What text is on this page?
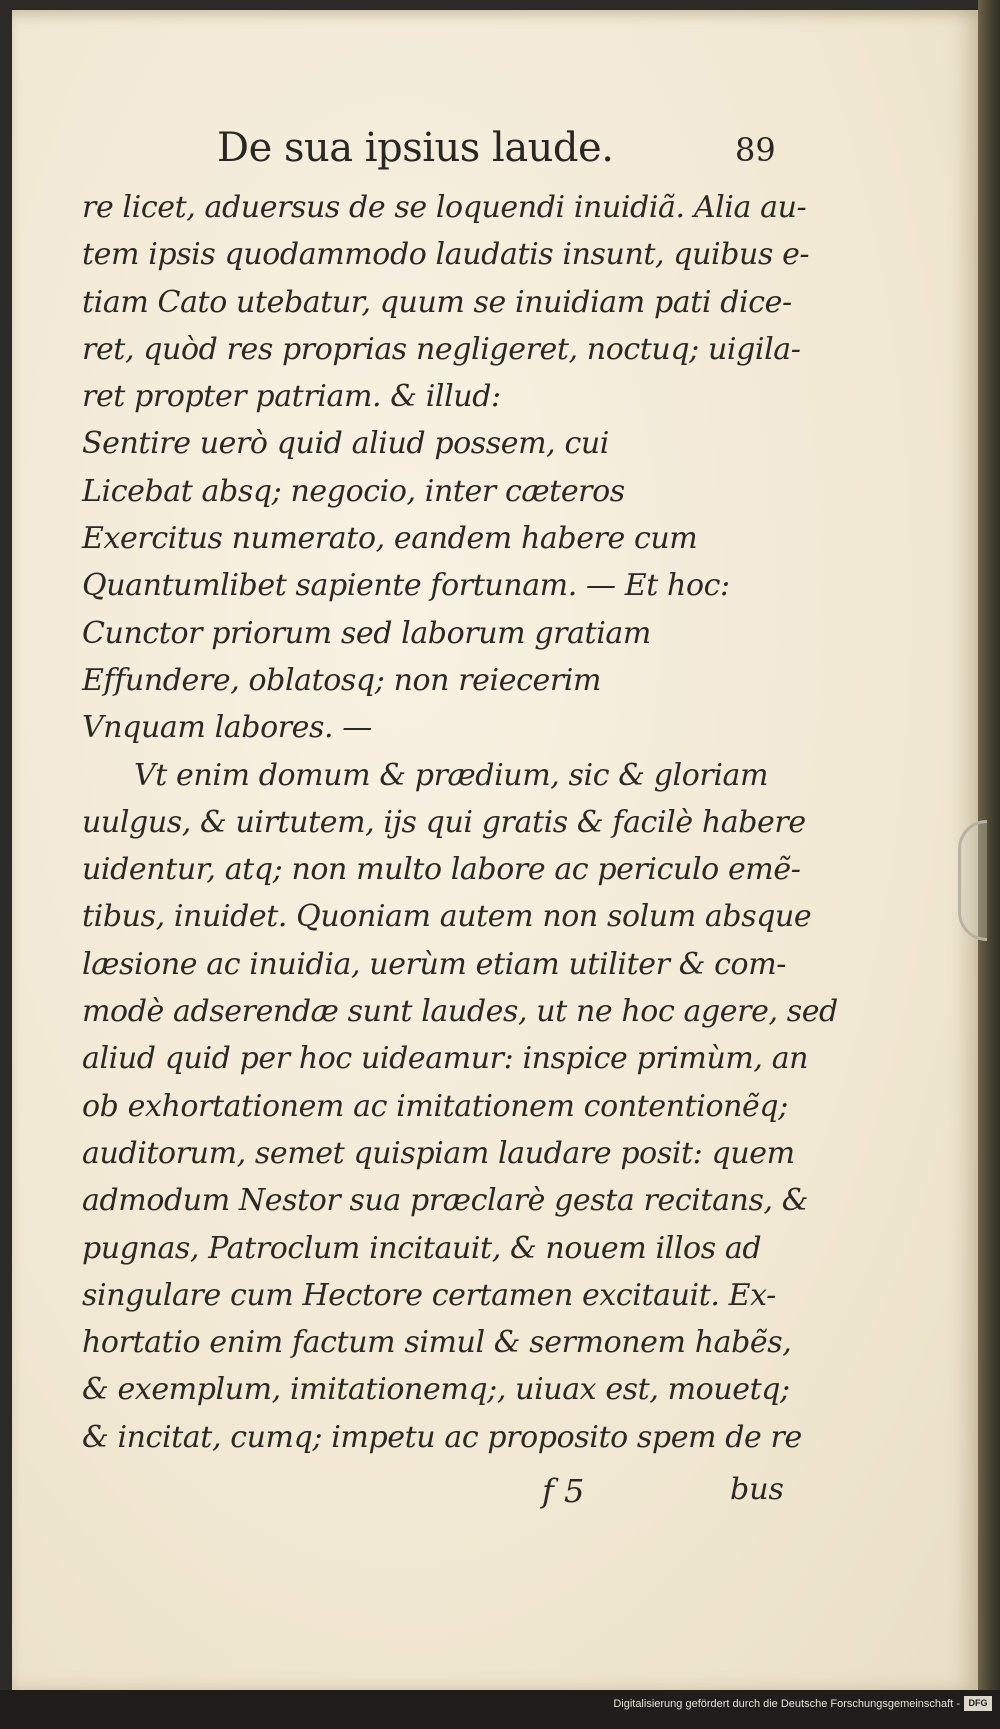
De sua ipsius laude.	89
re licet, aduersus de se loquendi inuidiã. Alia au-
tem ipsis quodammodo laudatis insunt, quibus e-
tiam Cato utebatur, quum se inuidiam pati dice-
ret, quòd res proprias negligeret, noctuq; uigila-
ret propter patriam. & illud:
Sentire uerò quid aliud possem, cui
Licebat absq; negocio, inter cæteros
Exercitus numerato, eandem habere cum
Quantumlibet sapiente fortunam. — Et hoc:
Cunctor priorum sed laborum gratiam
Effundere, oblatosq; non reiecerim
Vnquam labores. —
Vt enim domum & prædium, sic & gloriam
uulgus, & uirtutem, ijs qui gratis & facilè habere
uidentur, atq; non multo labore ac periculo emẽ-
tibus, inuidet. Quoniam autem non solum absque
læsione ac inuidia, uerùm etiam utiliter & com-
modè adserendæ sunt laudes, ut ne hoc agere, sed
aliud quid per hoc uideamur: inspice primùm, an
ob exhortationem ac imitationem contentionẽq;
auditorum, semet quispiam laudare posit: quem
admodum Nestor sua præclarè gesta recitans, &
pugnas, Patroclum incitauit, & nouem illos ad
singulare cum Hectore certamen excitauit. Ex-
hortatio enim factum simul & sermonem habẽs,
& exemplum, imitationemq;, uiuax est, mouetq;
& incitat, cumq; impetu ac proposito spem de re
f 5	bus
Digitalisierung gefördert durch die Deutsche Forschungsgemeinschaft - DFG
